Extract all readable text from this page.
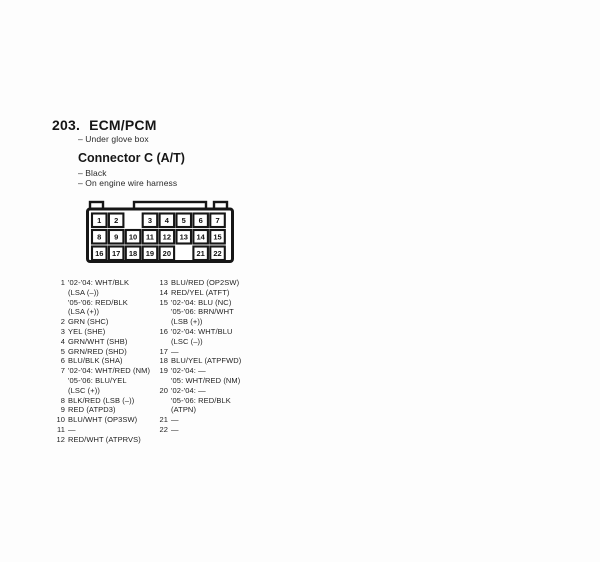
203. ECM/PCM
– Under glove box
Connector C (A/T)
– Black
– On engine wire harness
1 2	3 4 5 6 7
8 9 10 11 12 13 14 15
16 17 18 19 20	21 22
1 '02-'04: WHT/BLK
(LSA (–))
'05-'06: RED/BLK
(LSA (+))
2 GRN (SHC)
3 YEL (SHE)
4 GRN/WHT (SHB)
5 GRN/RED (SHD)
6 BLU/BLK (SHA)
7 '02-'04: WHT/RED (NM)
'05-'06: BLU/YEL
(LSC (+))
8 BLK/RED (LSB (–))
9 RED (ATPD3)
10 BLU/WHT (OP3SW)
11 —
12 RED/WHT (ATPRVS)
13 BLU/RED (OP2SW)
14 RED/YEL (ATFT)
15 '02-'04: BLU (NC)
'05-'06: BRN/WHT
(LSB (+))
16 '02-'04: WHT/BLU
(LSC (–))
17 —
18 BLU/YEL (ATPFWD)
19 '02-'04: —
'05: WHT/RED (NM)
20 '02-'04: —
'05-'06: RED/BLK
(ATPN)
21 —
22 —
